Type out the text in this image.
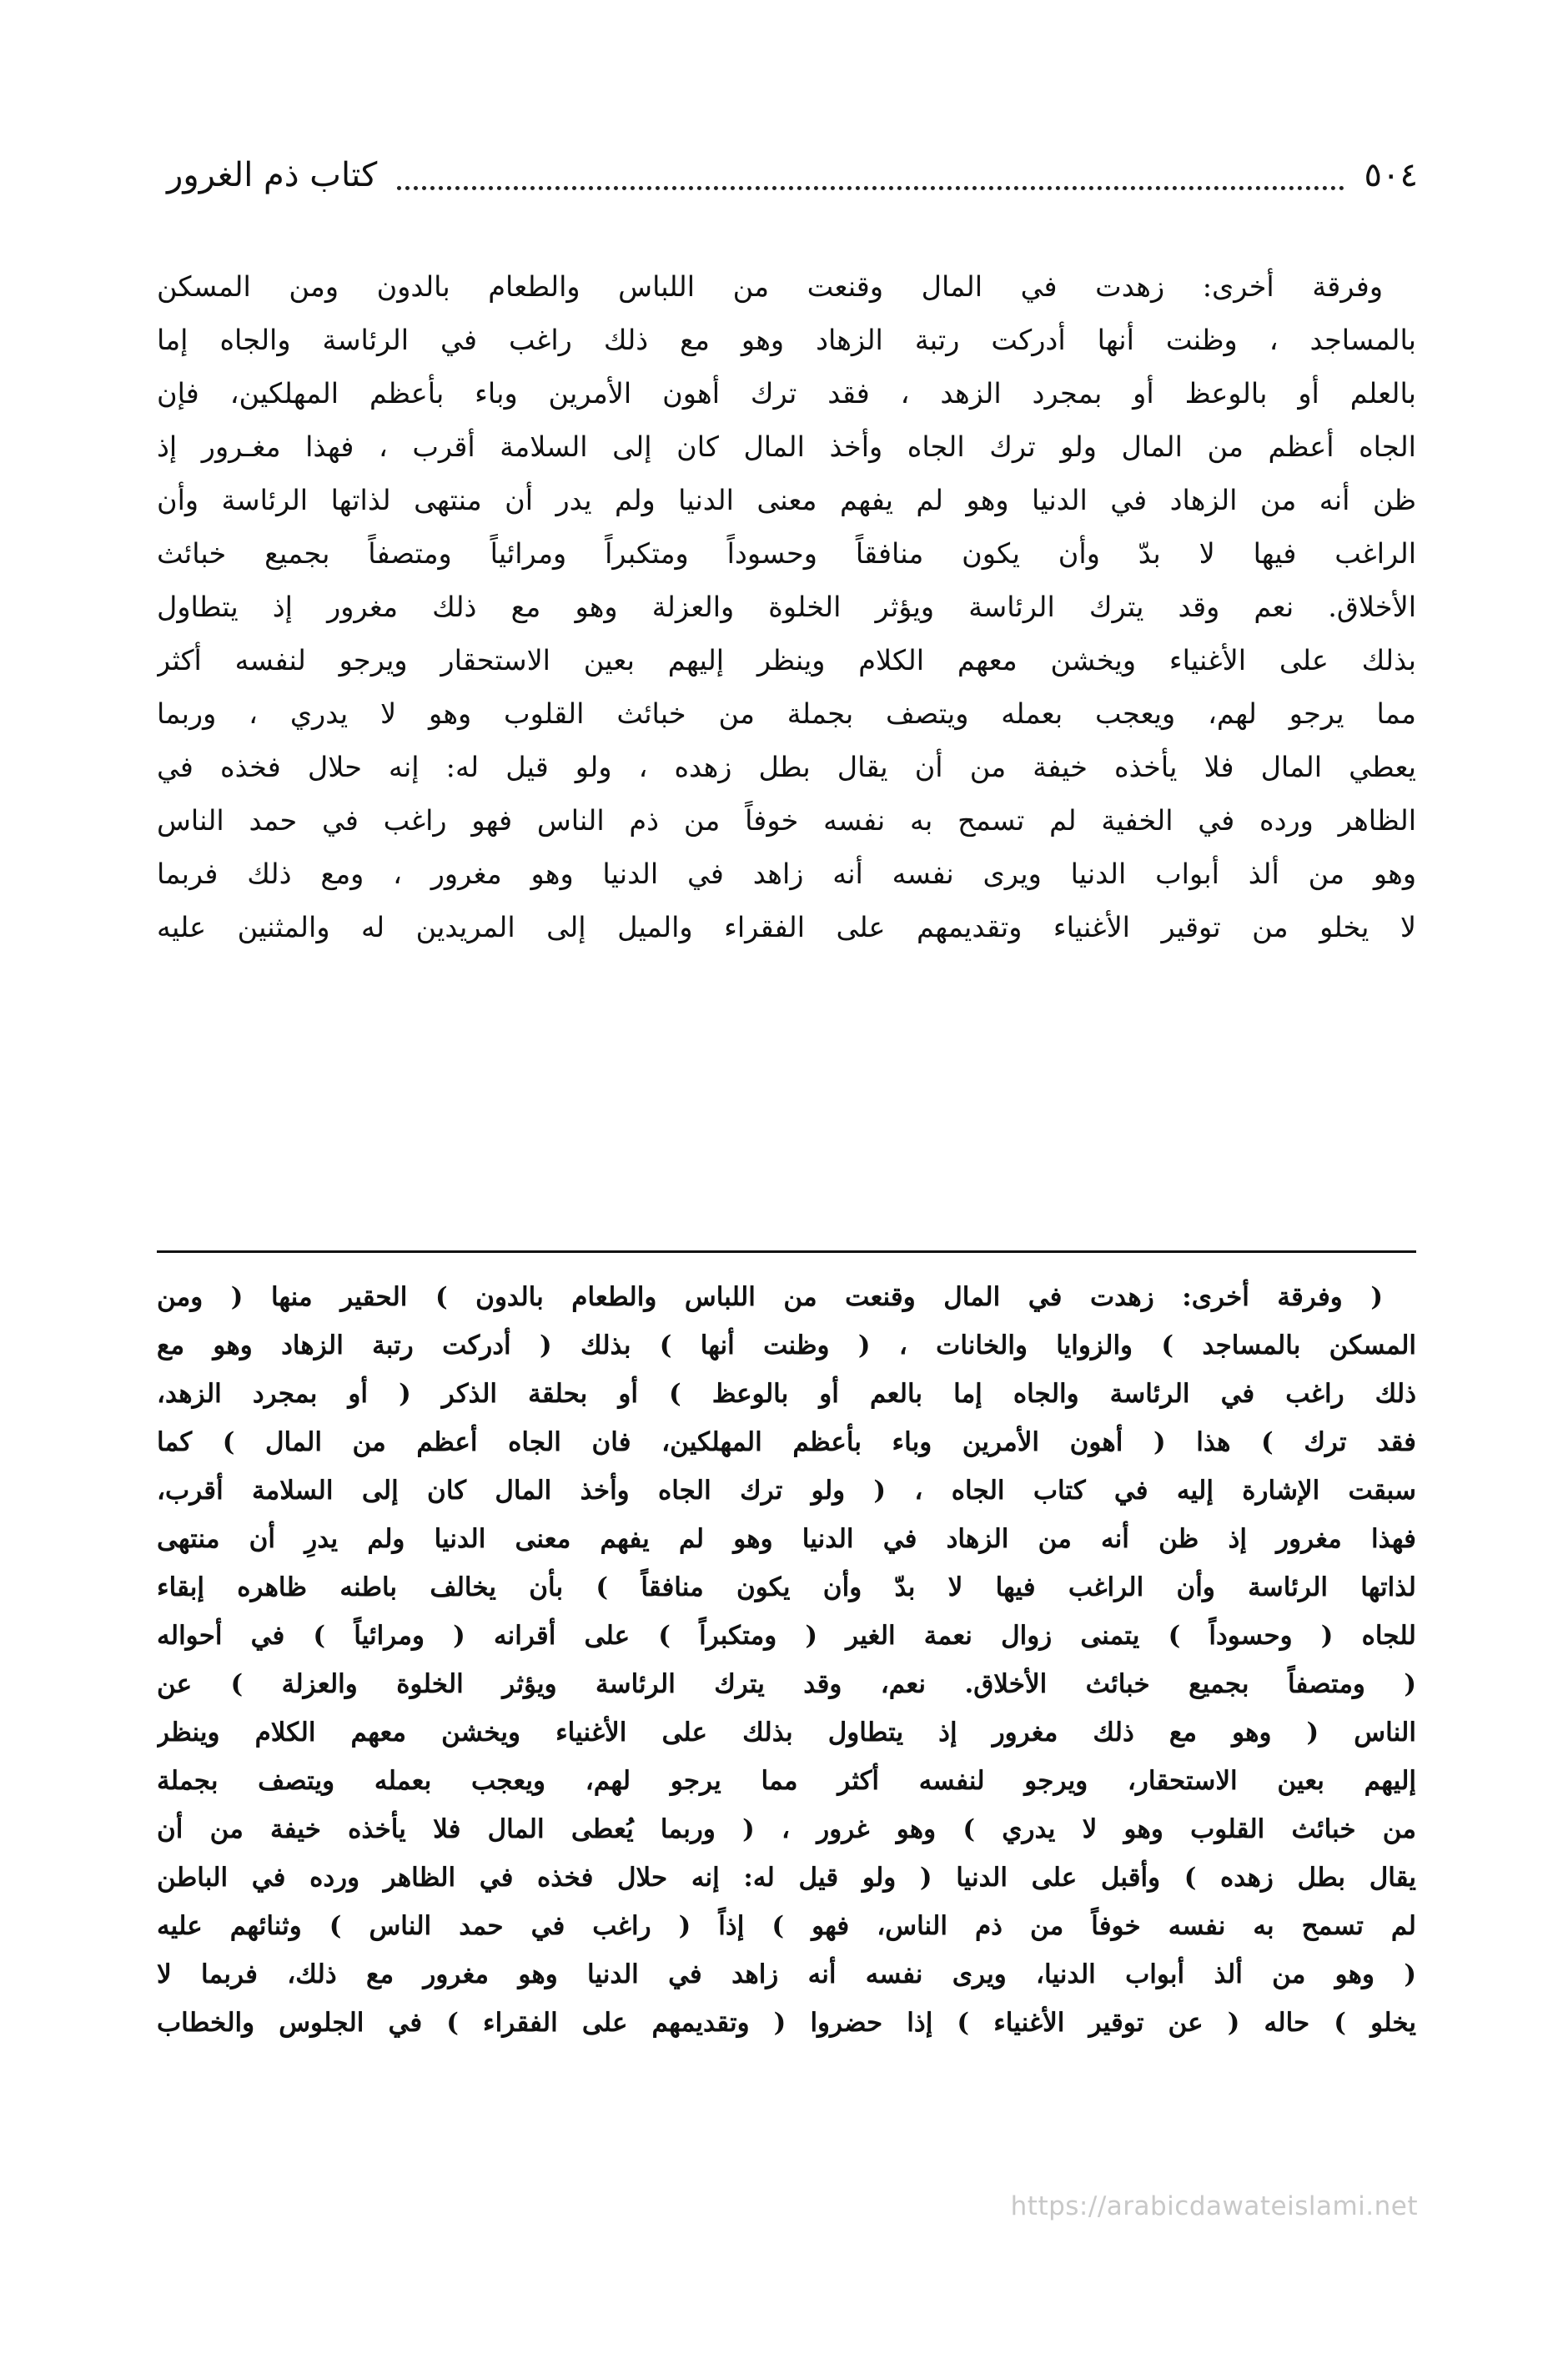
٥٠٤
كتاب ذم الغرور
وفرقة أخرى: زهدت في المال وقنعت من اللباس والطعام بالدون ومن المسكن
بالمساجد ، وظنت أنها أدركت رتبة الزهاد وهو مع ذلك راغب في الرئاسة والجاه إما
بالعلم أو بالوعظ أو بمجرد الزهد ، فقد ترك أهون الأمرين وباء بأعظم المهلكين، فإن
الجاه أعظم من المال ولو ترك الجاه وأخذ المال كان إلى السلامة أقرب ، فهذا مغـرور إذ
ظن أنه من الزهاد في الدنيا وهو لم يفهم معنى الدنيا ولم يدر أن منتهى لذاتها الرئاسة وأن
الراغب فيها لا بدّ وأن يكون منافقاً وحسوداً ومتكبراً ومرائياً ومتصفاً بجميع خبائث
الأخلاق. نعم وقد يترك الرئاسة ويؤثر الخلوة والعزلة وهو مع ذلك مغرور إذ يتطاول
بذلك على الأغنياء ويخشن معهم الكلام وينظر إليهم بعين الاستحقار ويرجو لنفسه أكثر
مما يرجو لهم، ويعجب بعمله ويتصف بجملة من خبائث القلوب وهو لا يدري ، وربما
يعطي المال فلا يأخذه خيفة من أن يقال بطل زهده ، ولو قيل له: إنه حلال فخذه في
الظاهر ورده في الخفية لم تسمح به نفسه خوفاً من ذم الناس فهو راغب في حمد الناس
وهو من ألذ أبواب الدنيا ويرى نفسه أنه زاهد في الدنيا وهو مغرور ، ومع ذلك فربما
لا يخلو من توقير الأغنياء وتقديمهم على الفقراء والميل إلى المريدين له والمثنين عليه
( وفرقة أخرى: زهدت في المال وقنعت من اللباس والطعام بالدون ) الحقير منها ( ومن
المسكن بالمساجد ) والزوايا والخانات ، ( وظنت أنها ) بذلك ( أدركت رتبة الزهاد وهو مع
ذلك راغب في الرئاسة والجاه إما بالعم أو بالوعظ ) أو بحلقة الذكر ( أو بمجرد الزهد،
فقد ترك ) هذا ( أهون الأمرين وباء بأعظم المهلكين، فان الجاه أعظم من المال ) كما
سبقت الإشارة إليه في كتاب الجاه ، ( ولو ترك الجاه وأخذ المال كان إلى السلامة أقرب،
فهذا مغرور إذ ظن أنه من الزهاد في الدنيا وهو لم يفهم معنى الدنيا ولم يدرِ أن منتهى
لذاتها الرئاسة وأن الراغب فيها لا بدّ وأن يكون منافقاً ) بأن يخالف باطنه ظاهره إبقاء
للجاه ( وحسوداً ) يتمنى زوال نعمة الغير ( ومتكبراً ) على أقرانه ( ومرائياً ) في أحواله
( ومتصفاً بجميع خبائث الأخلاق. نعم، وقد يترك الرئاسة ويؤثر الخلوة والعزلة ) عن
الناس ( وهو مع ذلك مغرور إذ يتطاول بذلك على الأغنياء ويخشن معهم الكلام وينظر
إليهم بعين الاستحقار، ويرجو لنفسه أكثر مما يرجو لهم، ويعجب بعمله ويتصف بجملة
من خبائث القلوب وهو لا يدري ) وهو غرور ، ( وربما يُعطى المال فلا يأخذه خيفة من أن
يقال بطل زهده ) وأقبل على الدنيا ( ولو قيل له: إنه حلال فخذه في الظاهر ورده في الباطن
لم تسمح به نفسه خوفاً من ذم الناس، فهو ) إذاً ( راغب في حمد الناس ) وثنائهم عليه
( وهو من ألذ أبواب الدنيا، ويرى نفسه أنه زاهد في الدنيا وهو مغرور مع ذلك، فربما لا
يخلو ) حاله ( عن توقير الأغنياء ) إذا حضروا ( وتقديمهم على الفقراء ) في الجلوس والخطاب
https://arabicdawateislami.net
